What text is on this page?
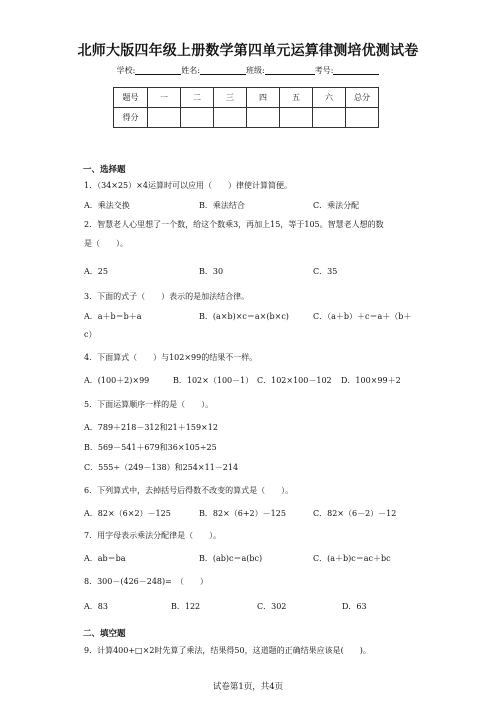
北师大版四年级上册数学第四单元运算律测培优测试卷
学校:	姓名:	班级:	考号:
题号	一	二	三	四	五	六	总分
得分							
一、选择题
1．（34×25）×4运算时可以应用（　　）律使计算简便。
A．乘法交换	B．乘法结合	C．乘法分配
2．智慧老人心里想了一个数，给这个数乘3，再加上15，等于105。智慧老人想的数
是（　　）。
A．25	B．30	C．35
3．下面的式子（　　）表示的是加法结合律。
A．a＋b＝b＋a	B．(a×b)×c＝a×(b×c)	C．（a＋b）＋c＝a＋（b＋
c）
4．下面算式（　　）与102×99的结果不一样。
A．(100＋2)×99	B．102×（100－1） C．102×100－102 D．100×99＋2
5．下面运算顺序一样的是（　　）。
A．789＋218－312和21＋159×12
B．569－541＋679和36×105÷25
C．555÷（249－138）和254×11－214
6．下列算式中，去掉括号后得数不改变的算式是（　　）。
A．82×（6×2）－125	B．82×（6+2）－125	C．82×（6－2）－12
7．用字母表示乘法分配律是（　　）。
A．ab＝ba	B．(ab)c＝a(bc)	C．(a＋b)c＝ac＋bc
8．300－(426－248)=　（　　）
A．83	B．122	C．302	D．63
二、填空题
9．计算400+□×2时先算了乘法，结果得50，这道题的正确结果应该是(　　)。
试卷第1页，共4页
